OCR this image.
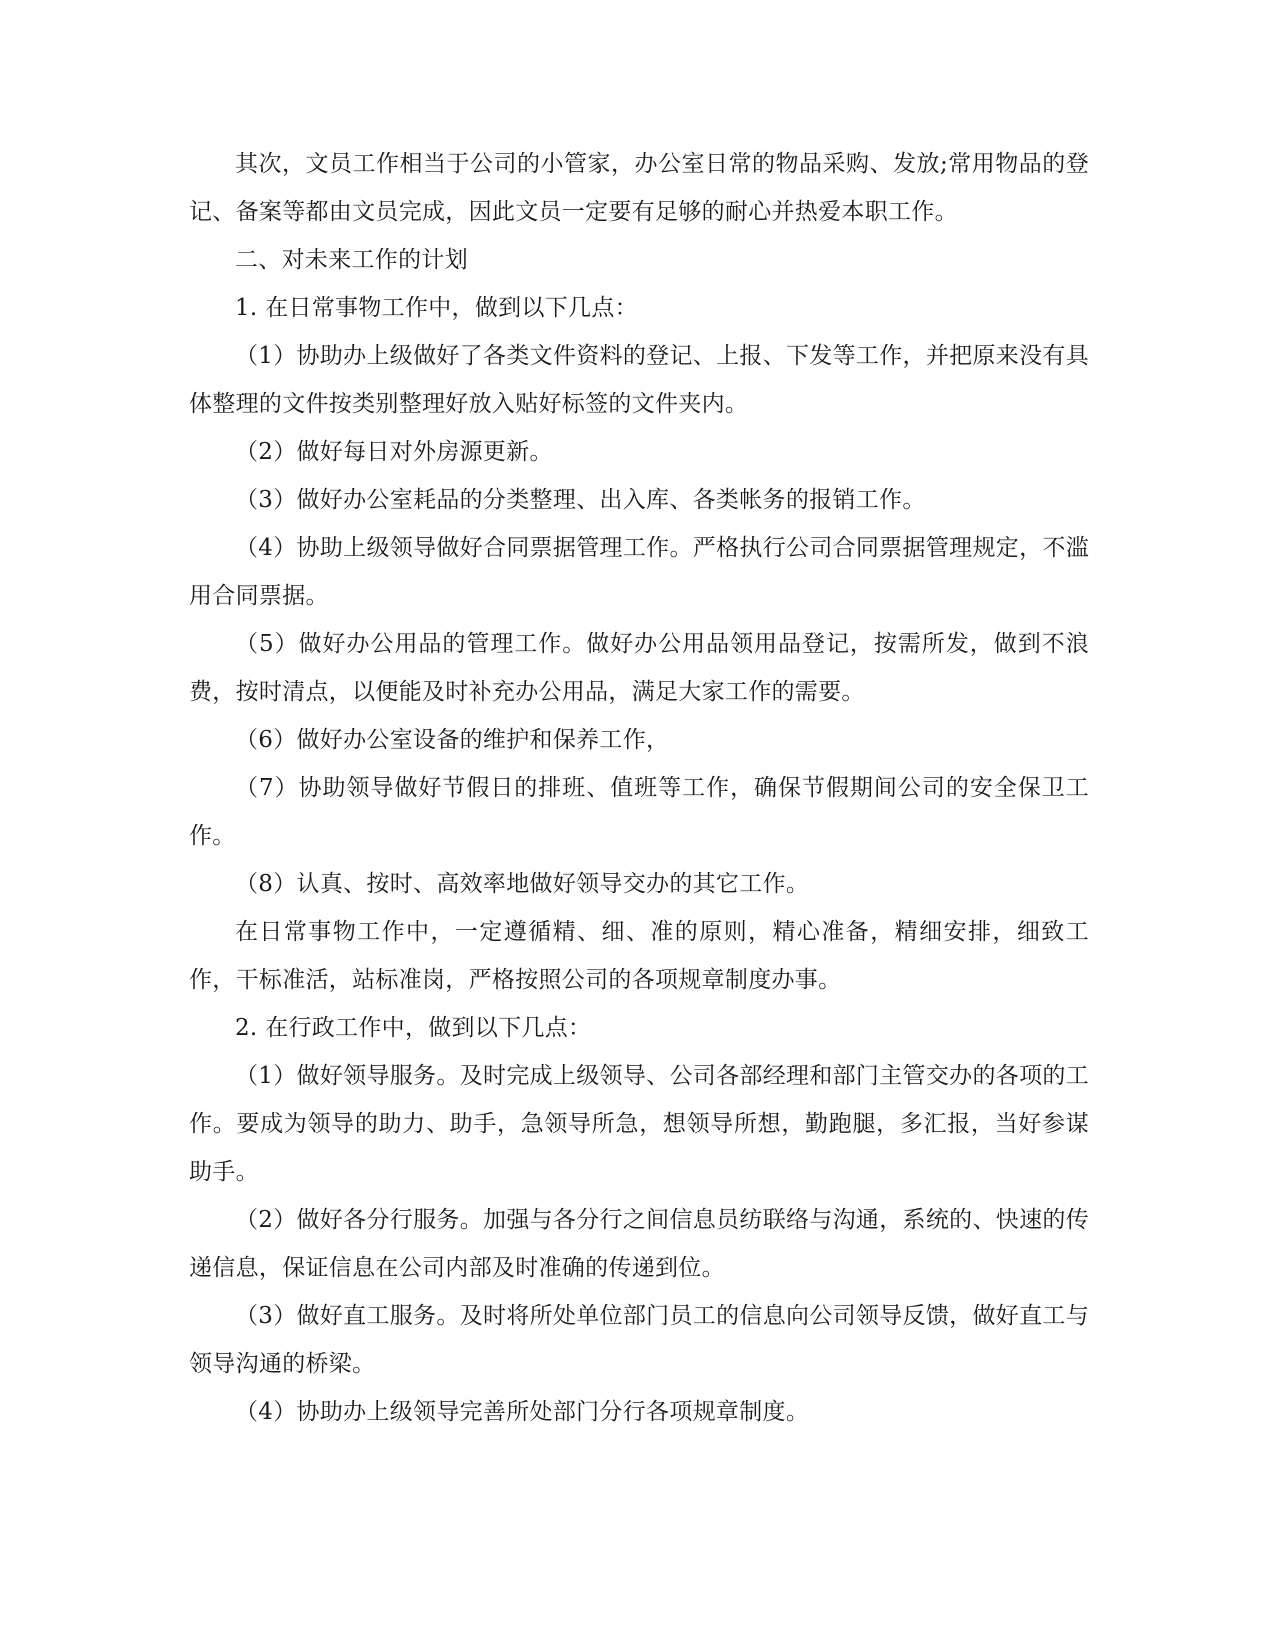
其次，文员工作相当于公司的小管家，办公室日常的物品采购、发放;常用物品的登记、备案等都由文员完成，因此文员一定要有足够的耐心并热爱本职工作。

二、对未来工作的计划

1. 在日常事物工作中，做到以下几点：

（1）协助办上级做好了各类文件资料的登记、上报、下发等工作，并把原来没有具体整理的文件按类别整理好放入贴好标签的文件夹内。

（2）做好每日对外房源更新。

（3）做好办公室耗品的分类整理、出入库、各类帐务的报销工作。

（4）协助上级领导做好合同票据管理工作。严格执行公司合同票据管理规定，不滥用合同票据。

（5）做好办公用品的管理工作。做好办公用品领用品登记，按需所发，做到不浪费，按时清点，以便能及时补充办公用品，满足大家工作的需要。

（6）做好办公室设备的维护和保养工作，

（7）协助领导做好节假日的排班、值班等工作，确保节假期间公司的安全保卫工作。

（8）认真、按时、高效率地做好领导交办的其它工作。

在日常事物工作中，一定遵循精、细、准的原则，精心准备，精细安排，细致工作，干标准活，站标准岗，严格按照公司的各项规章制度办事。

2. 在行政工作中，做到以下几点：

（1）做好领导服务。及时完成上级领导、公司各部经理和部门主管交办的各项的工作。要成为领导的助力、助手，急领导所急，想领导所想，勤跑腿，多汇报，当好参谋助手。

（2）做好各分行服务。加强与各分行之间信息员纺联络与沟通，系统的、快速的传递信息，保证信息在公司内部及时准确的传递到位。

（3）做好直工服务。及时将所处单位部门员工的信息向公司领导反馈，做好直工与领导沟通的桥梁。

（4）协助办上级领导完善所处部门分行各项规章制度。
